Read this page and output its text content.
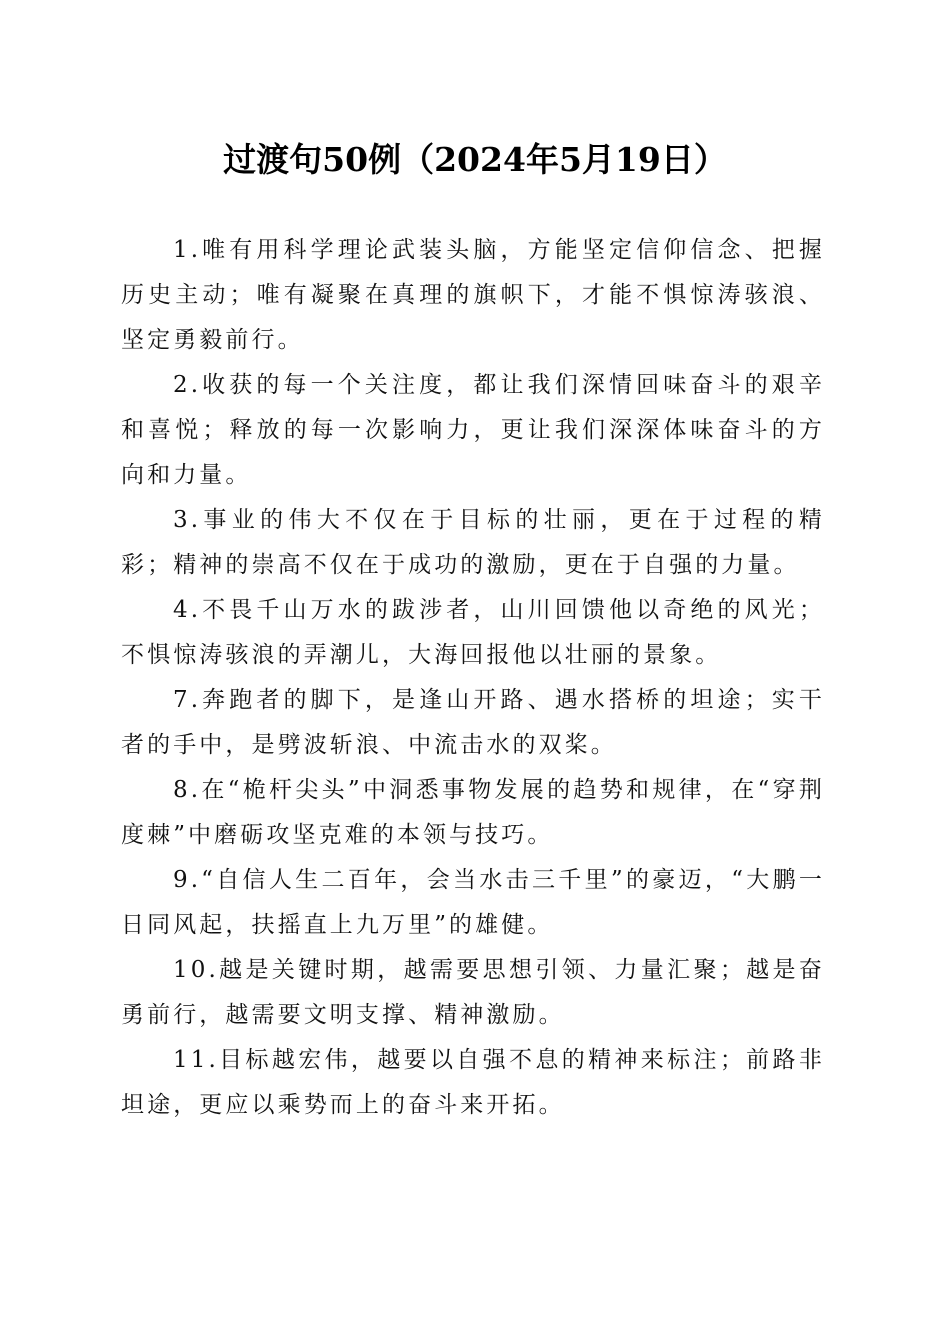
过渡句50例（2024年5月19日）

1.唯有用科学理论武装头脑，方能坚定信仰信念、把握历史主动；唯有凝聚在真理的旗帜下，才能不惧惊涛骇浪、坚定勇毅前行。

2.收获的每一个关注度，都让我们深情回味奋斗的艰辛和喜悦；释放的每一次影响力，更让我们深深体味奋斗的方向和力量。

3.事业的伟大不仅在于目标的壮丽，更在于过程的精彩；精神的崇高不仅在于成功的激励，更在于自强的力量。

4.不畏千山万水的跋涉者，山川回馈他以奇绝的风光；不惧惊涛骇浪的弄潮儿，大海回报他以壮丽的景象。

7.奔跑者的脚下，是逢山开路、遇水搭桥的坦途；实干者的手中，是劈波斩浪、中流击水的双桨。

8.在“桅杆尖头”中洞悉事物发展的趋势和规律，在“穿荆度棘”中磨砺攻坚克难的本领与技巧。

9.“自信人生二百年，会当水击三千里”的豪迈，“大鹏一日同风起，扶摇直上九万里”的雄健。

10.越是关键时期，越需要思想引领、力量汇聚；越是奋勇前行，越需要文明支撑、精神激励。

11.目标越宏伟，越要以自强不息的精神来标注；前路非坦途，更应以乘势而上的奋斗来开拓。
